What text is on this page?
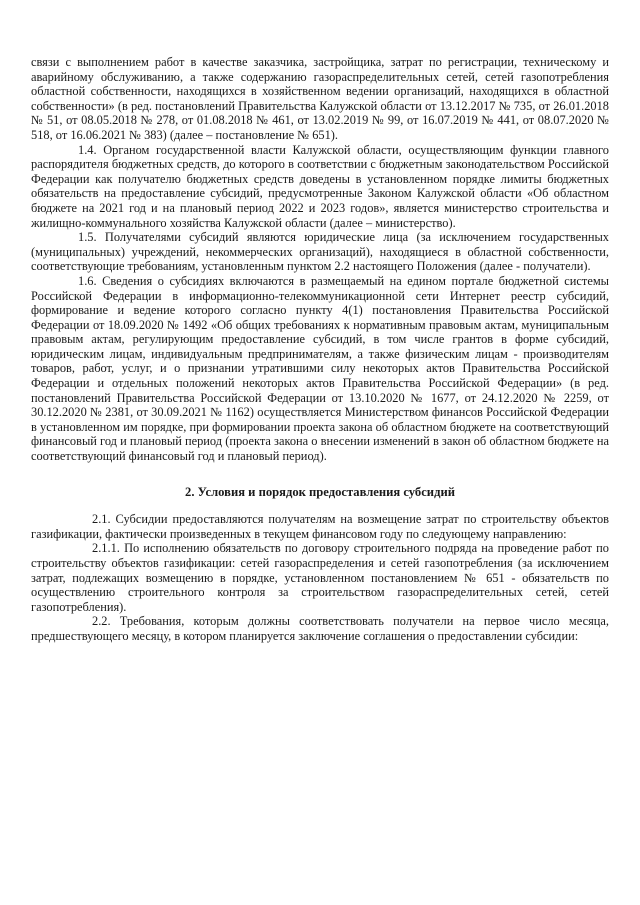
связи с выполнением работ в качестве заказчика, застройщика, затрат по регистрации, техническому и аварийному обслуживанию, а также содержанию газораспределительных сетей, сетей газопотребления областной собственности, находящихся в хозяйственном ведении организаций, находящихся в областной собственности» (в ред. постановлений Правительства Калужской области от 13.12.2017 № 735, от 26.01.2018 № 51, от 08.05.2018 № 278, от 01.08.2018 № 461, от 13.02.2019 № 99, от 16.07.2019 № 441, от 08.07.2020 № 518, от 16.06.2021 № 383) (далее – постановление № 651).

1.4. Органом государственной власти Калужской области, осуществляющим функции главного распорядителя бюджетных средств, до которого в соответствии с бюджетным законодательством Российской Федерации как получателю бюджетных средств доведены в установленном порядке лимиты бюджетных обязательств на предоставление субсидий, предусмотренные Законом Калужской области «Об областном бюджете на 2021 год и на плановый период 2022 и 2023 годов», является министерство строительства и жилищно-коммунального хозяйства Калужской области (далее – министерство).

1.5. Получателями субсидий являются юридические лица (за исключением государственных (муниципальных) учреждений, некоммерческих организаций), находящиеся в областной собственности, соответствующие требованиям, установленным пунктом 2.2 настоящего Положения (далее - получатели).

1.6. Сведения о субсидиях включаются в размещаемый на едином портале бюджетной системы Российской Федерации в информационно-телекоммуникационной сети Интернет реестр субсидий, формирование и ведение которого согласно пункту 4(1) постановления Правительства Российской Федерации от 18.09.2020 № 1492 «Об общих требованиях к нормативным правовым актам, муниципальным правовым актам, регулирующим предоставление субсидий, в том числе грантов в форме субсидий, юридическим лицам, индивидуальным предпринимателям, а также физическим лицам - производителям товаров, работ, услуг, и о признании утратившими силу некоторых актов Правительства Российской Федерации и отдельных положений некоторых актов Правительства Российской Федерации» (в ред. постановлений Правительства Российской Федерации от 13.10.2020 № 1677, от 24.12.2020 № 2259, от 30.12.2020 № 2381, от 30.09.2021 № 1162) осуществляется Министерством финансов Российской Федерации в установленном им порядке, при формировании проекта закона об областном бюджете на соответствующий финансовый год и плановый период (проекта закона о внесении изменений в закон об областном бюджете на соответствующий финансовый год и плановый период).

2. Условия и порядок предоставления субсидий

2.1. Субсидии предоставляются получателям на возмещение затрат по строительству объектов газификации, фактически произведенных в текущем финансовом году по следующему направлению:

2.1.1. По исполнению обязательств по договору строительного подряда на проведение работ по строительству объектов газификации: сетей газораспределения и сетей газопотребления (за исключением затрат, подлежащих возмещению в порядке, установленном постановлением № 651 - обязательств по осуществлению строительного контроля за строительством газораспределительных сетей, сетей газопотребления).

2.2. Требования, которым должны соответствовать получатели на первое число месяца, предшествующего месяцу, в котором планируется заключение соглашения о предоставлении субсидии:
